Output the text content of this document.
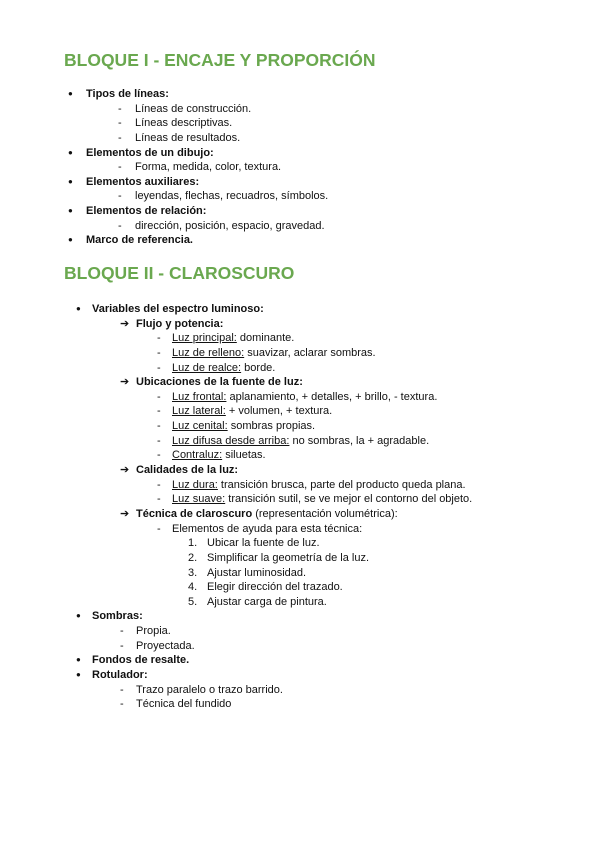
BLOQUE I - ENCAJE Y PROPORCIÓN
● Tipos de líneas:
- Líneas de construcción.
- Líneas descriptivas.
- Líneas de resultados.
● Elementos de un dibujo:
- Forma, medida, color, textura.
● Elementos auxiliares:
- leyendas, flechas, recuadros, símbolos.
● Elementos de relación:
- dirección, posición, espacio, gravedad.
● Marco de referencia.
BLOQUE II - CLAROSCURO
● Variables del espectro luminoso:
➔ Flujo y potencia:
- Luz principal: dominante.
- Luz de relleno: suavizar, aclarar sombras.
- Luz de realce: borde.
➔ Ubicaciones de la fuente de luz:
- Luz frontal: aplanamiento, + detalles, + brillo, - textura.
- Luz lateral: + volumen, + textura.
- Luz cenital: sombras propias.
- Luz difusa desde arriba: no sombras, la + agradable.
- Contraluz: siluetas.
➔ Calidades de la luz:
- Luz dura: transición brusca, parte del producto queda plana.
- Luz suave: transición sutil, se ve mejor el contorno del objeto.
➔ Técnica de claroscuro (representación volumétrica):
- Elementos de ayuda para esta técnica:
1. Ubicar la fuente de luz.
2. Simplificar la geometría de la luz.
3. Ajustar luminosidad.
4. Elegir dirección del trazado.
5. Ajustar carga de pintura.
● Sombras:
- Propia.
- Proyectada.
● Fondos de resalte.
● Rotulador:
- Trazo paralelo o trazo barrido.
- Técnica del fundido
